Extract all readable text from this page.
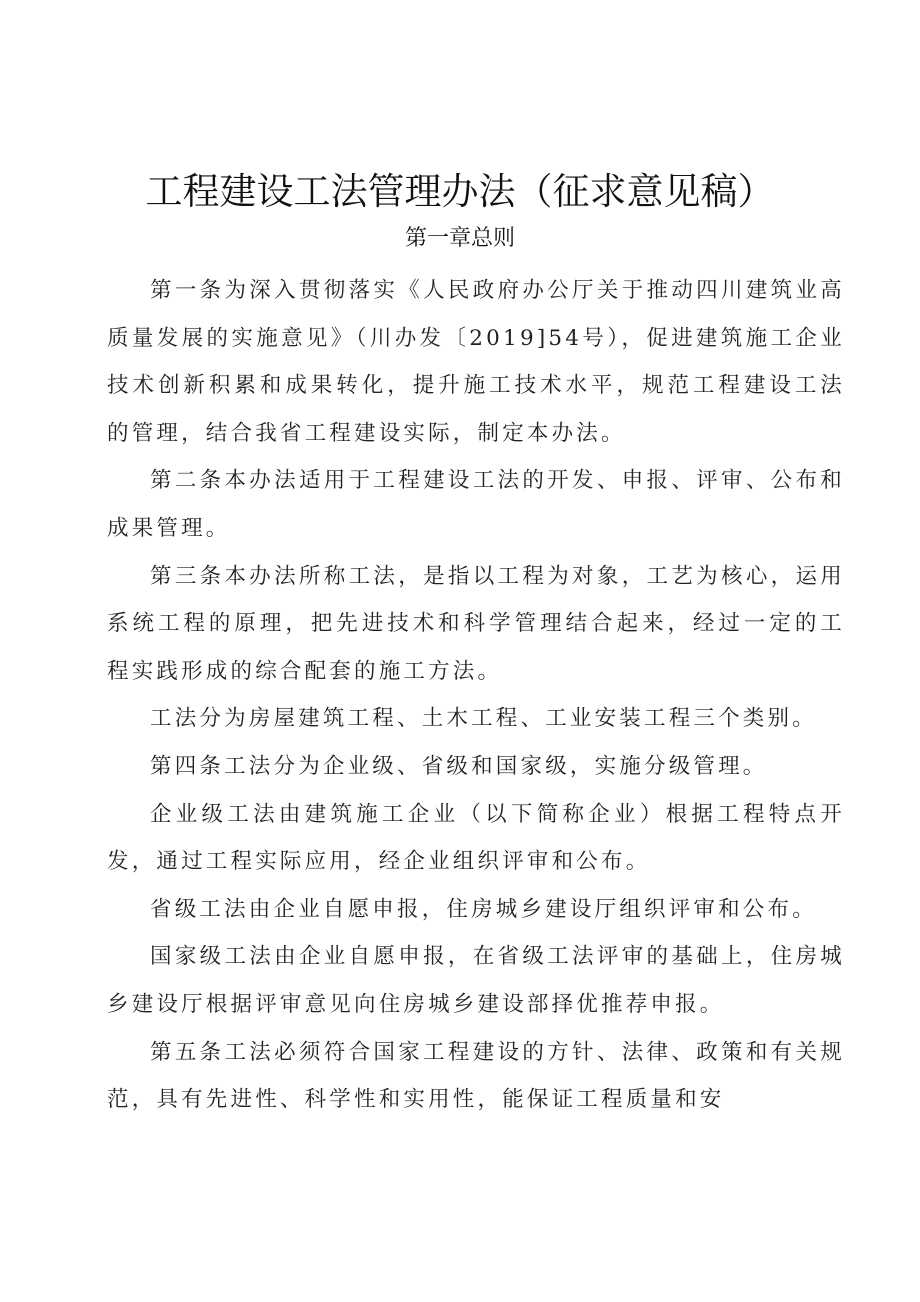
工程建设工法管理办法（征求意见稿）
第一章总则

第一条为深入贯彻落实《人民政府办公厅关于推动四川建筑业高质量发展的实施意见》（川办发〔2019]54号），促进建筑施工企业技术创新积累和成果转化，提升施工技术水平，规范工程建设工法的管理，结合我省工程建设实际，制定本办法。

第二条本办法适用于工程建设工法的开发、申报、评审、公布和成果管理。

第三条本办法所称工法，是指以工程为对象，工艺为核心，运用系统工程的原理，把先进技术和科学管理结合起来，经过一定的工程实践形成的综合配套的施工方法。

工法分为房屋建筑工程、土木工程、工业安装工程三个类别。

第四条工法分为企业级、省级和国家级，实施分级管理。

企业级工法由建筑施工企业（以下简称企业）根据工程特点开发，通过工程实际应用，经企业组织评审和公布。

省级工法由企业自愿申报，住房城乡建设厅组织评审和公布。

国家级工法由企业自愿申报，在省级工法评审的基础上，住房城乡建设厅根据评审意见向住房城乡建设部择优推荐申报。

第五条工法必须符合国家工程建设的方针、法律、政策和有关规范，具有先进性、科学性和实用性，能保证工程质量和安
